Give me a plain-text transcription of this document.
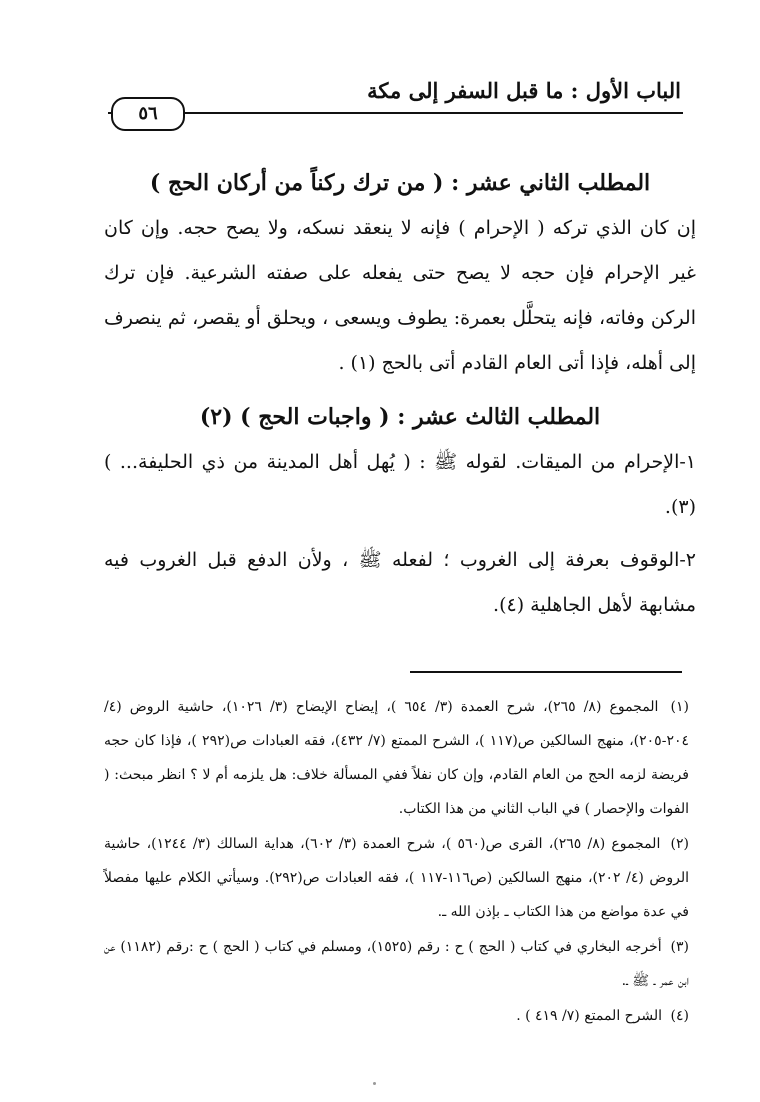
الباب الأول : ما قبل السفر إلى مكة
٥٦

المطلب الثاني عشر : ( من ترك ركناً من أركان الحج )

إن كان الذي تركه ( الإحرام ) فإنه لا ينعقد نسكه، ولا يصح حجه. وإن كان غير الإحرام فإن حجه لا يصح حتى يفعله على صفته الشرعية. فإن ترك الركن وفاته، فإنه يتحلَّل بعمرة: يطوف ويسعى ، ويحلق أو يقصر، ثم ينصرف إلى أهله، فإذا أتى العام القادم أتى بالحج (١) .

المطلب الثالث عشر : ( واجبات الحج ) (٢)

١-الإحرام من الميقات. لقوله ﷺ : ( يُهل أهل المدينة من ذي الحليفة... ) (٣).

٢-الوقوف بعرفة إلى الغروب ؛ لفعله ﷺ ، ولأن الدفع قبل الغروب فيه مشابهة لأهل الجاهلية (٤).

(١) المجموع (٨/ ٢٦٥)، شرح العمدة (٣/ ٦٥٤ )، إيضاح الإيضاح (٣/ ١٠٢٦)، حاشية الروض (٤/ ٢٠٤-٢٠٥)، منهج السالكين ص(١١٧ )، الشرح الممتع (٧/ ٤٣٢)، فقه العبادات ص(٢٩٢ )، فإذا كان حجه فريضة لزمه الحج من العام القادم، وإن كان نفلاً ففي المسألة خلاف: هل يلزمه أم لا ؟ انظر مبحث: ( الفوات والإحصار ) في الباب الثاني من هذا الكتاب.

(٢) المجموع (٨/ ٢٦٥)، القرى ص(٥٦٠ )، شرح العمدة (٣/ ٦٠٢)، هداية السالك (٣/ ١٢٤٤)، حاشية الروض (٤/ ٢٠٢)، منهج السالكين (ص١١٦-١١٧ )، فقه العبادات ص(٢٩٢). وسيأتي الكلام عليها مفصلاً في عدة مواضع من هذا الكتاب ـ بإذن الله ـ.

(٣) أخرجه البخاري في كتاب ( الحج ) ح : رقم (١٥٢٥)، ومسلم في كتاب ( الحج ) ح :رقم (١١٨٢) عن ابن عمر ـ ﷺ ـ.

(٤) الشرح الممتع (٧/ ٤١٩ ) .
